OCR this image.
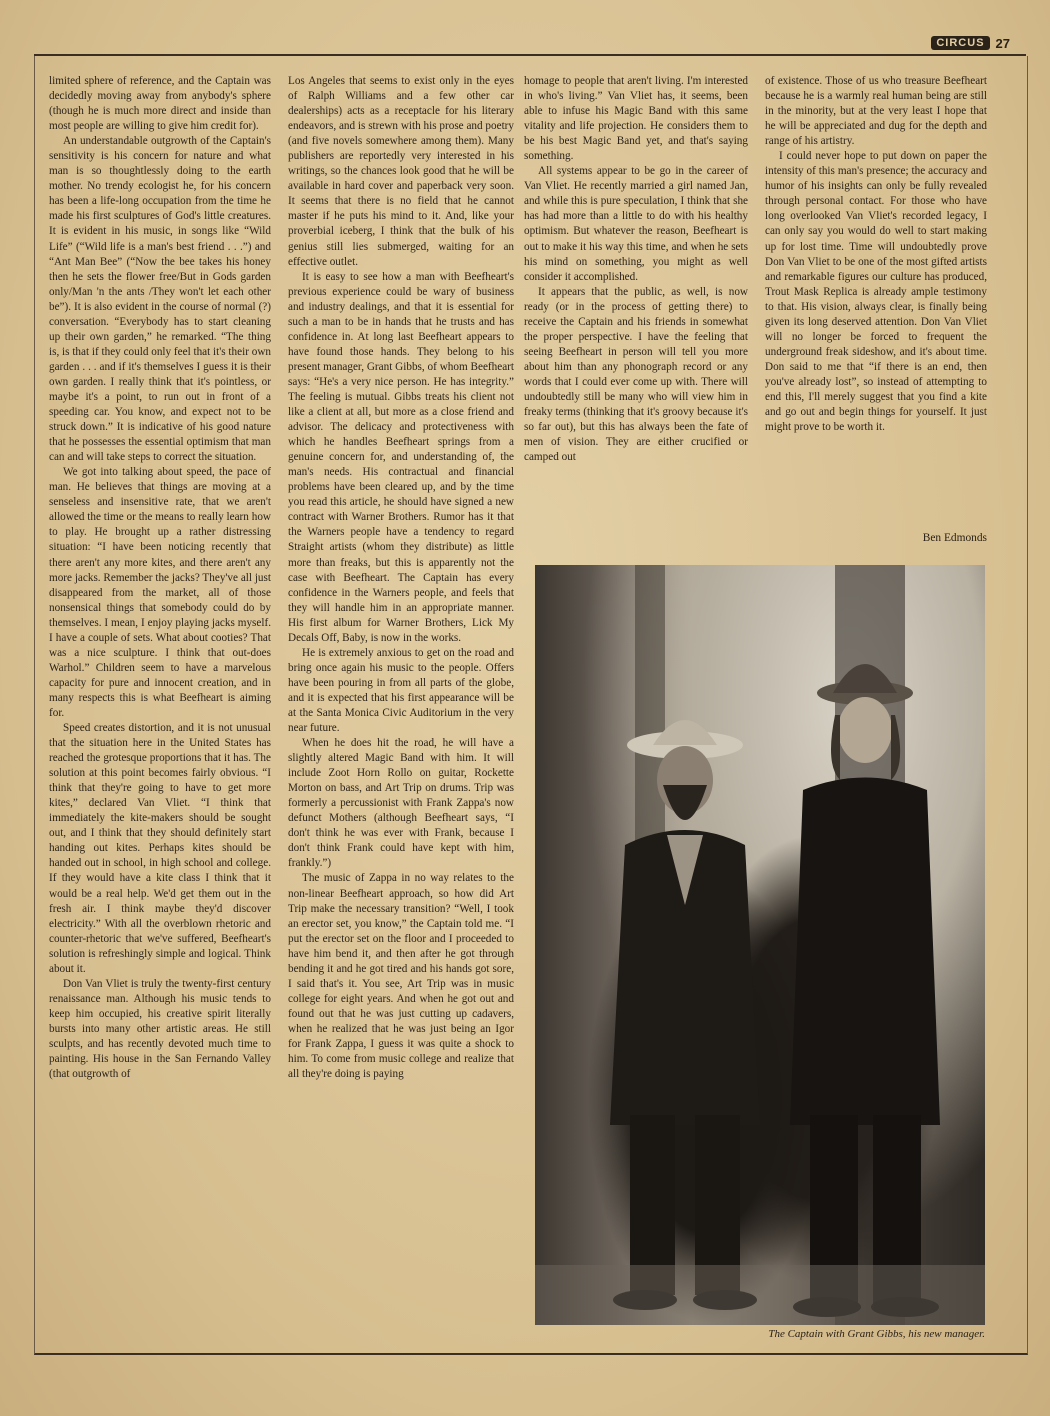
CIRCUS 27

limited sphere of reference, and the Captain was decidedly moving away from anybody's sphere (though he is much more direct and inside than most people are willing to give him credit for).

An understandable outgrowth of the Captain's sensitivity is his concern for nature and what man is so thoughtlessly doing to the earth mother. No trendy ecologist he, for his concern has been a life-long occupation from the time he made his first sculptures of God's little creatures. It is evident in his music, in songs like “Wild Life” (“Wild life is a man's best friend . . .”) and “Ant Man Bee” (“Now the bee takes his honey then he sets the flower free/But in Gods garden only/Man 'n the ants /They won't let each other be”). It is also evident in the course of normal (?) conversation. “Everybody has to start cleaning up their own garden,” he remarked. “The thing is, is that if they could only feel that it's their own garden . . . and if it's themselves I guess it is their own garden. I really think that it's pointless, or maybe it's a point, to run out in front of a speeding car. You know, and expect not to be struck down.” It is indicative of his good nature that he possesses the essential optimism that man can and will take steps to correct the situation.

We got into talking about speed, the pace of man. He believes that things are moving at a senseless and insensitive rate, that we aren't allowed the time or the means to really learn how to play. He brought up a rather distressing situation: “I have been noticing recently that there aren't any more kites, and there aren't any more jacks. Remember the jacks? They've all just disappeared from the market, all of those nonsensical things that somebody could do by themselves. I mean, I enjoy playing jacks myself. I have a couple of sets. What about cooties? That was a nice sculpture. I think that out-does Warhol.” Children seem to have a marvelous capacity for pure and innocent creation, and in many respects this is what Beefheart is aiming for.

Speed creates distortion, and it is not unusual that the situation here in the United States has reached the grotesque proportions that it has. The solution at this point becomes fairly obvious. “I think that they're going to have to get more kites,” declared Van Vliet. “I think that immediately the kite-makers should be sought out, and I think that they should definitely start handing out kites. Perhaps kites should be handed out in school, in high school and college. If they would have a kite class I think that it would be a real help. We'd get them out in the fresh air. I think maybe they'd discover electricity.” With all the overblown rhetoric and counter-rhetoric that we've suffered, Beefheart's solution is refreshingly simple and logical. Think about it.

Don Van Vliet is truly the twenty-first century renaissance man. Although his music tends to keep him occupied, his creative spirit literally bursts into many other artistic areas. He still sculpts, and has recently devoted much time to painting. His house in the San Fernando Valley (that outgrowth of

Los Angeles that seems to exist only in the eyes of Ralph Williams and a few other car dealerships) acts as a receptacle for his literary endeavors, and is strewn with his prose and poetry (and five novels somewhere among them). Many publishers are reportedly very interested in his writings, so the chances look good that he will be available in hard cover and paperback very soon. It seems that there is no field that he cannot master if he puts his mind to it. And, like your proverbial iceberg, I think that the bulk of his genius still lies submerged, waiting for an effective outlet.

It is easy to see how a man with Beefheart's previous experience could be wary of business and industry dealings, and that it is essential for such a man to be in hands that he trusts and has confidence in. At long last Beefheart appears to have found those hands. They belong to his present manager, Grant Gibbs, of whom Beefheart says: “He's a very nice person. He has integrity.” The feeling is mutual. Gibbs treats his client not like a client at all, but more as a close friend and advisor. The delicacy and protectiveness with which he handles Beefheart springs from a genuine concern for, and understanding of, the man's needs. His contractual and financial problems have been cleared up, and by the time you read this article, he should have signed a new contract with Warner Brothers. Rumor has it that the Warners people have a tendency to regard Straight artists (whom they distribute) as little more than freaks, but this is apparently not the case with Beefheart. The Captain has every confidence in the Warners people, and feels that they will handle him in an appropriate manner. His first album for Warner Brothers, Lick My Decals Off, Baby, is now in the works.

He is extremely anxious to get on the road and bring once again his music to the people. Offers have been pouring in from all parts of the globe, and it is expected that his first appearance will be at the Santa Monica Civic Auditorium in the very near future.

When he does hit the road, he will have a slightly altered Magic Band with him. It will include Zoot Horn Rollo on guitar, Rockette Morton on bass, and Art Trip on drums. Trip was formerly a percussionist with Frank Zappa's now defunct Mothers (although Beefheart says, “I don't think he was ever with Frank, because I don't think Frank could have kept with him, frankly.”)

The music of Zappa in no way relates to the non-linear Beefheart approach, so how did Art Trip make the necessary transition? “Well, I took an erector set, you know,” the Captain told me. “I put the erector set on the floor and I proceeded to have him bend it, and then after he got through bending it and he got tired and his hands got sore, I said that's it. You see, Art Trip was in music college for eight years. And when he got out and found out that he was just cutting up cadavers, when he realized that he was just being an Igor for Frank Zappa, I guess it was quite a shock to him. To come from music college and realize that all they're doing is paying

homage to people that aren't living. I'm interested in who's living.” Van Vliet has, it seems, been able to infuse his Magic Band with this same vitality and life projection. He considers them to be his best Magic Band yet, and that's saying something.

All systems appear to be go in the career of Van Vliet. He recently married a girl named Jan, and while this is pure speculation, I think that she has had more than a little to do with his healthy optimism. But whatever the reason, Beefheart is out to make it his way this time, and when he sets his mind on something, you might as well consider it accomplished.

It appears that the public, as well, is now ready (or in the process of getting there) to receive the Captain and his friends in somewhat the proper perspective. I have the feeling that seeing Beefheart in person will tell you more about him than any phonograph record or any words that I could ever come up with. There will undoubtedly still be many who will view him in freaky terms (thinking that it's groovy because it's so far out), but this has always been the fate of men of vision. They are either crucified or camped out

of existence. Those of us who treasure Beefheart because he is a warmly real human being are still in the minority, but at the very least I hope that he will be appreciated and dug for the depth and range of his artistry.

I could never hope to put down on paper the intensity of this man's presence; the accuracy and humor of his insights can only be fully revealed through personal contact. For those who have long overlooked Van Vliet's recorded legacy, I can only say you would do well to start making up for lost time. Time will undoubtedly prove Don Van Vliet to be one of the most gifted artists and remarkable figures our culture has produced, Trout Mask Replica is already ample testimony to that. His vision, always clear, is finally being given its long deserved attention. Don Van Vliet will no longer be forced to frequent the underground freak sideshow, and it's about time. Don said to me that “if there is an end, then you've already lost”, so instead of attempting to end this, I'll merely suggest that you find a kite and go out and begin things for yourself. It just might prove to be worth it.

Ben Edmonds
The Captain with Grant Gibbs, his new manager.
